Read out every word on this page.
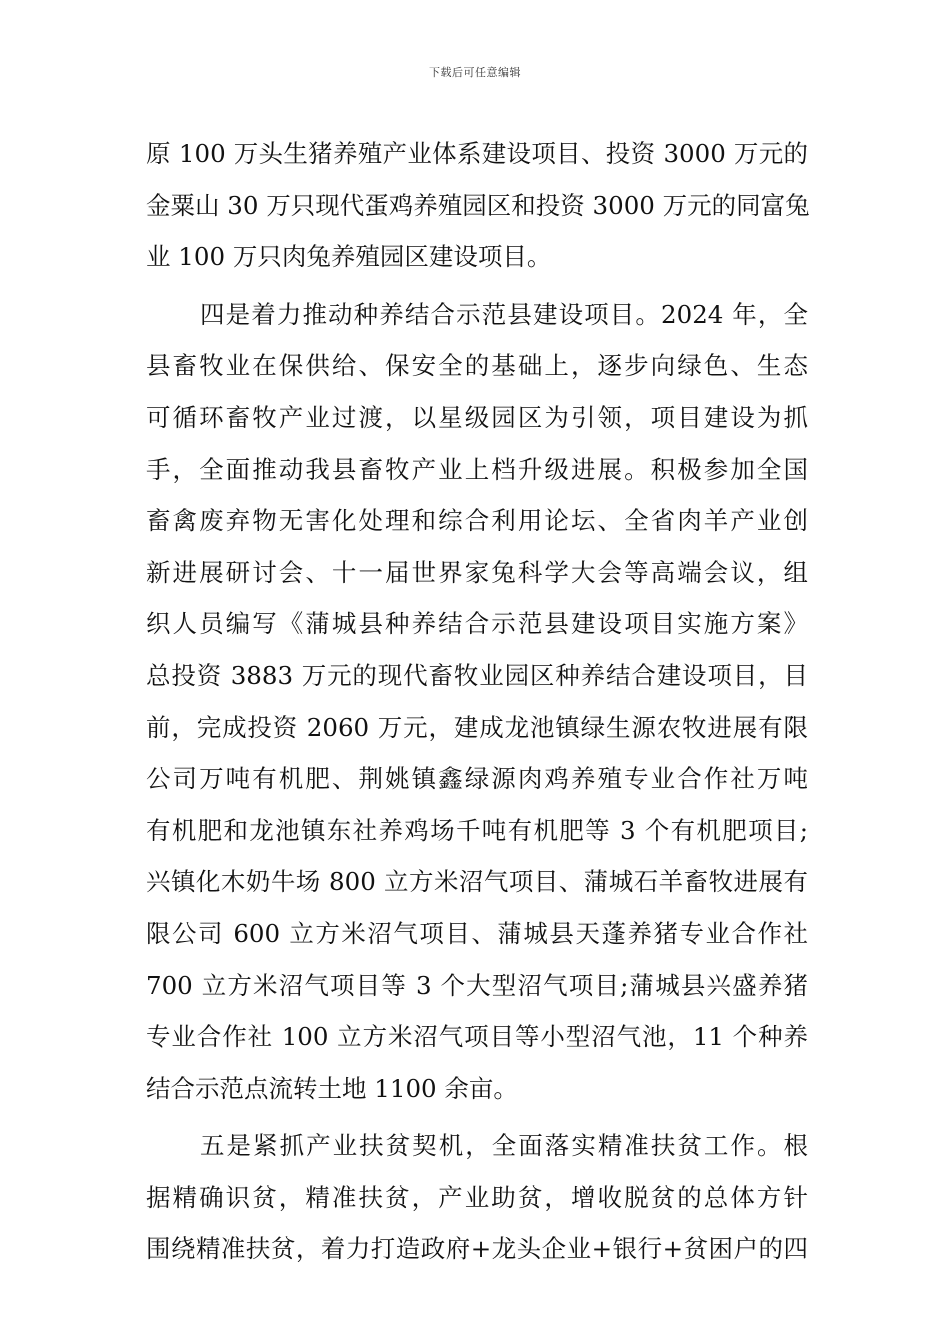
下载后可任意编辑
原 100 万头生猪养殖产业体系建设项目、投资 3000 万元的
金粟山 30 万只现代蛋鸡养殖园区和投资 3000 万元的同富兔
业 100 万只肉兔养殖园区建设项目。
四是着力推动种养结合示范县建设项目。2024 年，全
县畜牧业在保供给、保安全的基础上，逐步向绿色、生态
可循环畜牧产业过渡，以星级园区为引领，项目建设为抓
手，全面推动我县畜牧产业上档升级进展。积极参加全国
畜禽废弃物无害化处理和综合利用论坛、全省肉羊产业创
新进展研讨会、十一届世界家兔科学大会等高端会议，组
织人员编写《蒲城县种养结合示范县建设项目实施方案》
总投资 3883 万元的现代畜牧业园区种养结合建设项目，目
前，完成投资 2060 万元，建成龙池镇绿生源农牧进展有限
公司万吨有机肥、荆姚镇鑫绿源肉鸡养殖专业合作社万吨
有机肥和龙池镇东社养鸡场千吨有机肥等 3 个有机肥项目;
兴镇化木奶牛场 800 立方米沼气项目、蒲城石羊畜牧进展有
限公司 600 立方米沼气项目、蒲城县天蓬养猪专业合作社
700 立方米沼气项目等 3 个大型沼气项目;蒲城县兴盛养猪
专业合作社 100 立方米沼气项目等小型沼气池，11 个种养
结合示范点流转土地 1100 余亩。
五是紧抓产业扶贫契机，全面落实精准扶贫工作。根
据精确识贫，精准扶贫，产业助贫，增收脱贫的总体方针
围绕精准扶贫，着力打造政府+龙头企业+银行+贫困户的四
